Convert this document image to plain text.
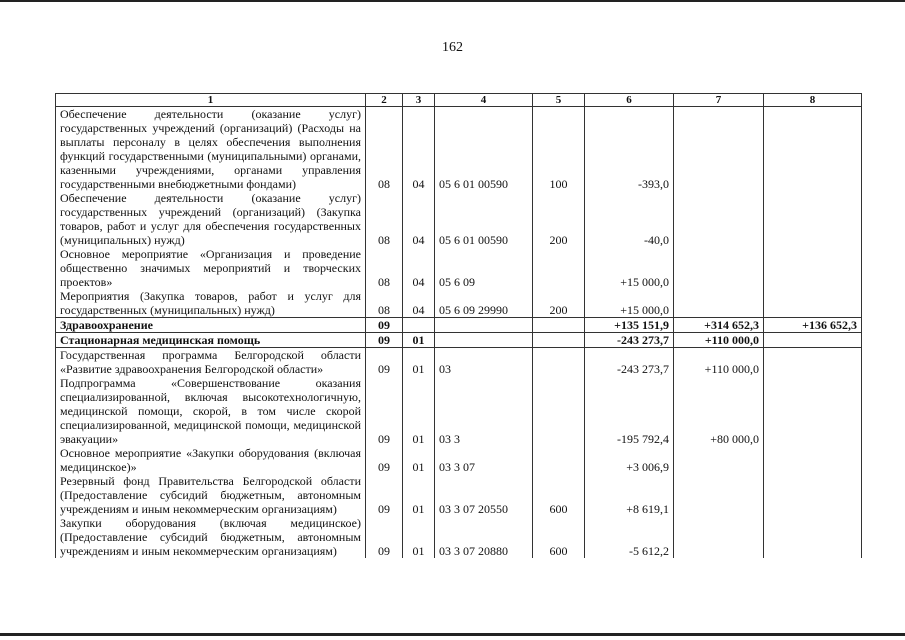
162
1	2	3	4	5	6	7	8
Обеспечение деятельности (оказание услуг) государственных учреждений (организаций) (Расходы на выплаты персоналу в целях обеспечения выполнения функций государственными (муниципальными) органами, казенными учреждениями, органами управления государственными внебюджетными фондами)	08	04	05 6 01 00590	100	-393,0		
Обеспечение деятельности (оказание услуг) государственных учреждений (организаций) (Закупка товаров, работ и услуг для обеспечения государственных (муниципальных) нужд)	08	04	05 6 01 00590	200	-40,0		
Основное мероприятие «Организация и проведение общественно значимых мероприятий и творческих проектов»	08	04	05 6 09		+15 000,0		
Мероприятия (Закупка товаров, работ и услуг для государственных (муниципальных) нужд)	08	04	05 6 09 29990	200	+15 000,0		
Здравоохранение	09				+135 151,9	+314 652,3	+136 652,3
Стационарная медицинская помощь	09	01			-243 273,7	+110 000,0	
Государственная программа Белгородской области «Развитие здравоохранения Белгородской области»	09	01	03		-243 273,7	+110 000,0	
Подпрограмма «Совершенствование оказания специализированной, включая высокотехнологичную, медицинской помощи, скорой, в том числе скорой специализированной, медицинской помощи, медицинской эвакуации»	09	01	03 3		-195 792,4	+80 000,0	
Основное мероприятие «Закупки оборудования (включая медицинское)»	09	01	03 3 07		+3 006,9		
Резервный фонд Правительства Белгородской области (Предоставление субсидий бюджетным, автономным учреждениям и иным некоммерческим организациям)	09	01	03 3 07 20550	600	+8 619,1		
Закупки оборудования (включая медицинское) (Предоставление субсидий бюджетным, автономным учреждениям и иным некоммерческим организациям)	09	01	03 3 07 20880	600	-5 612,2		
